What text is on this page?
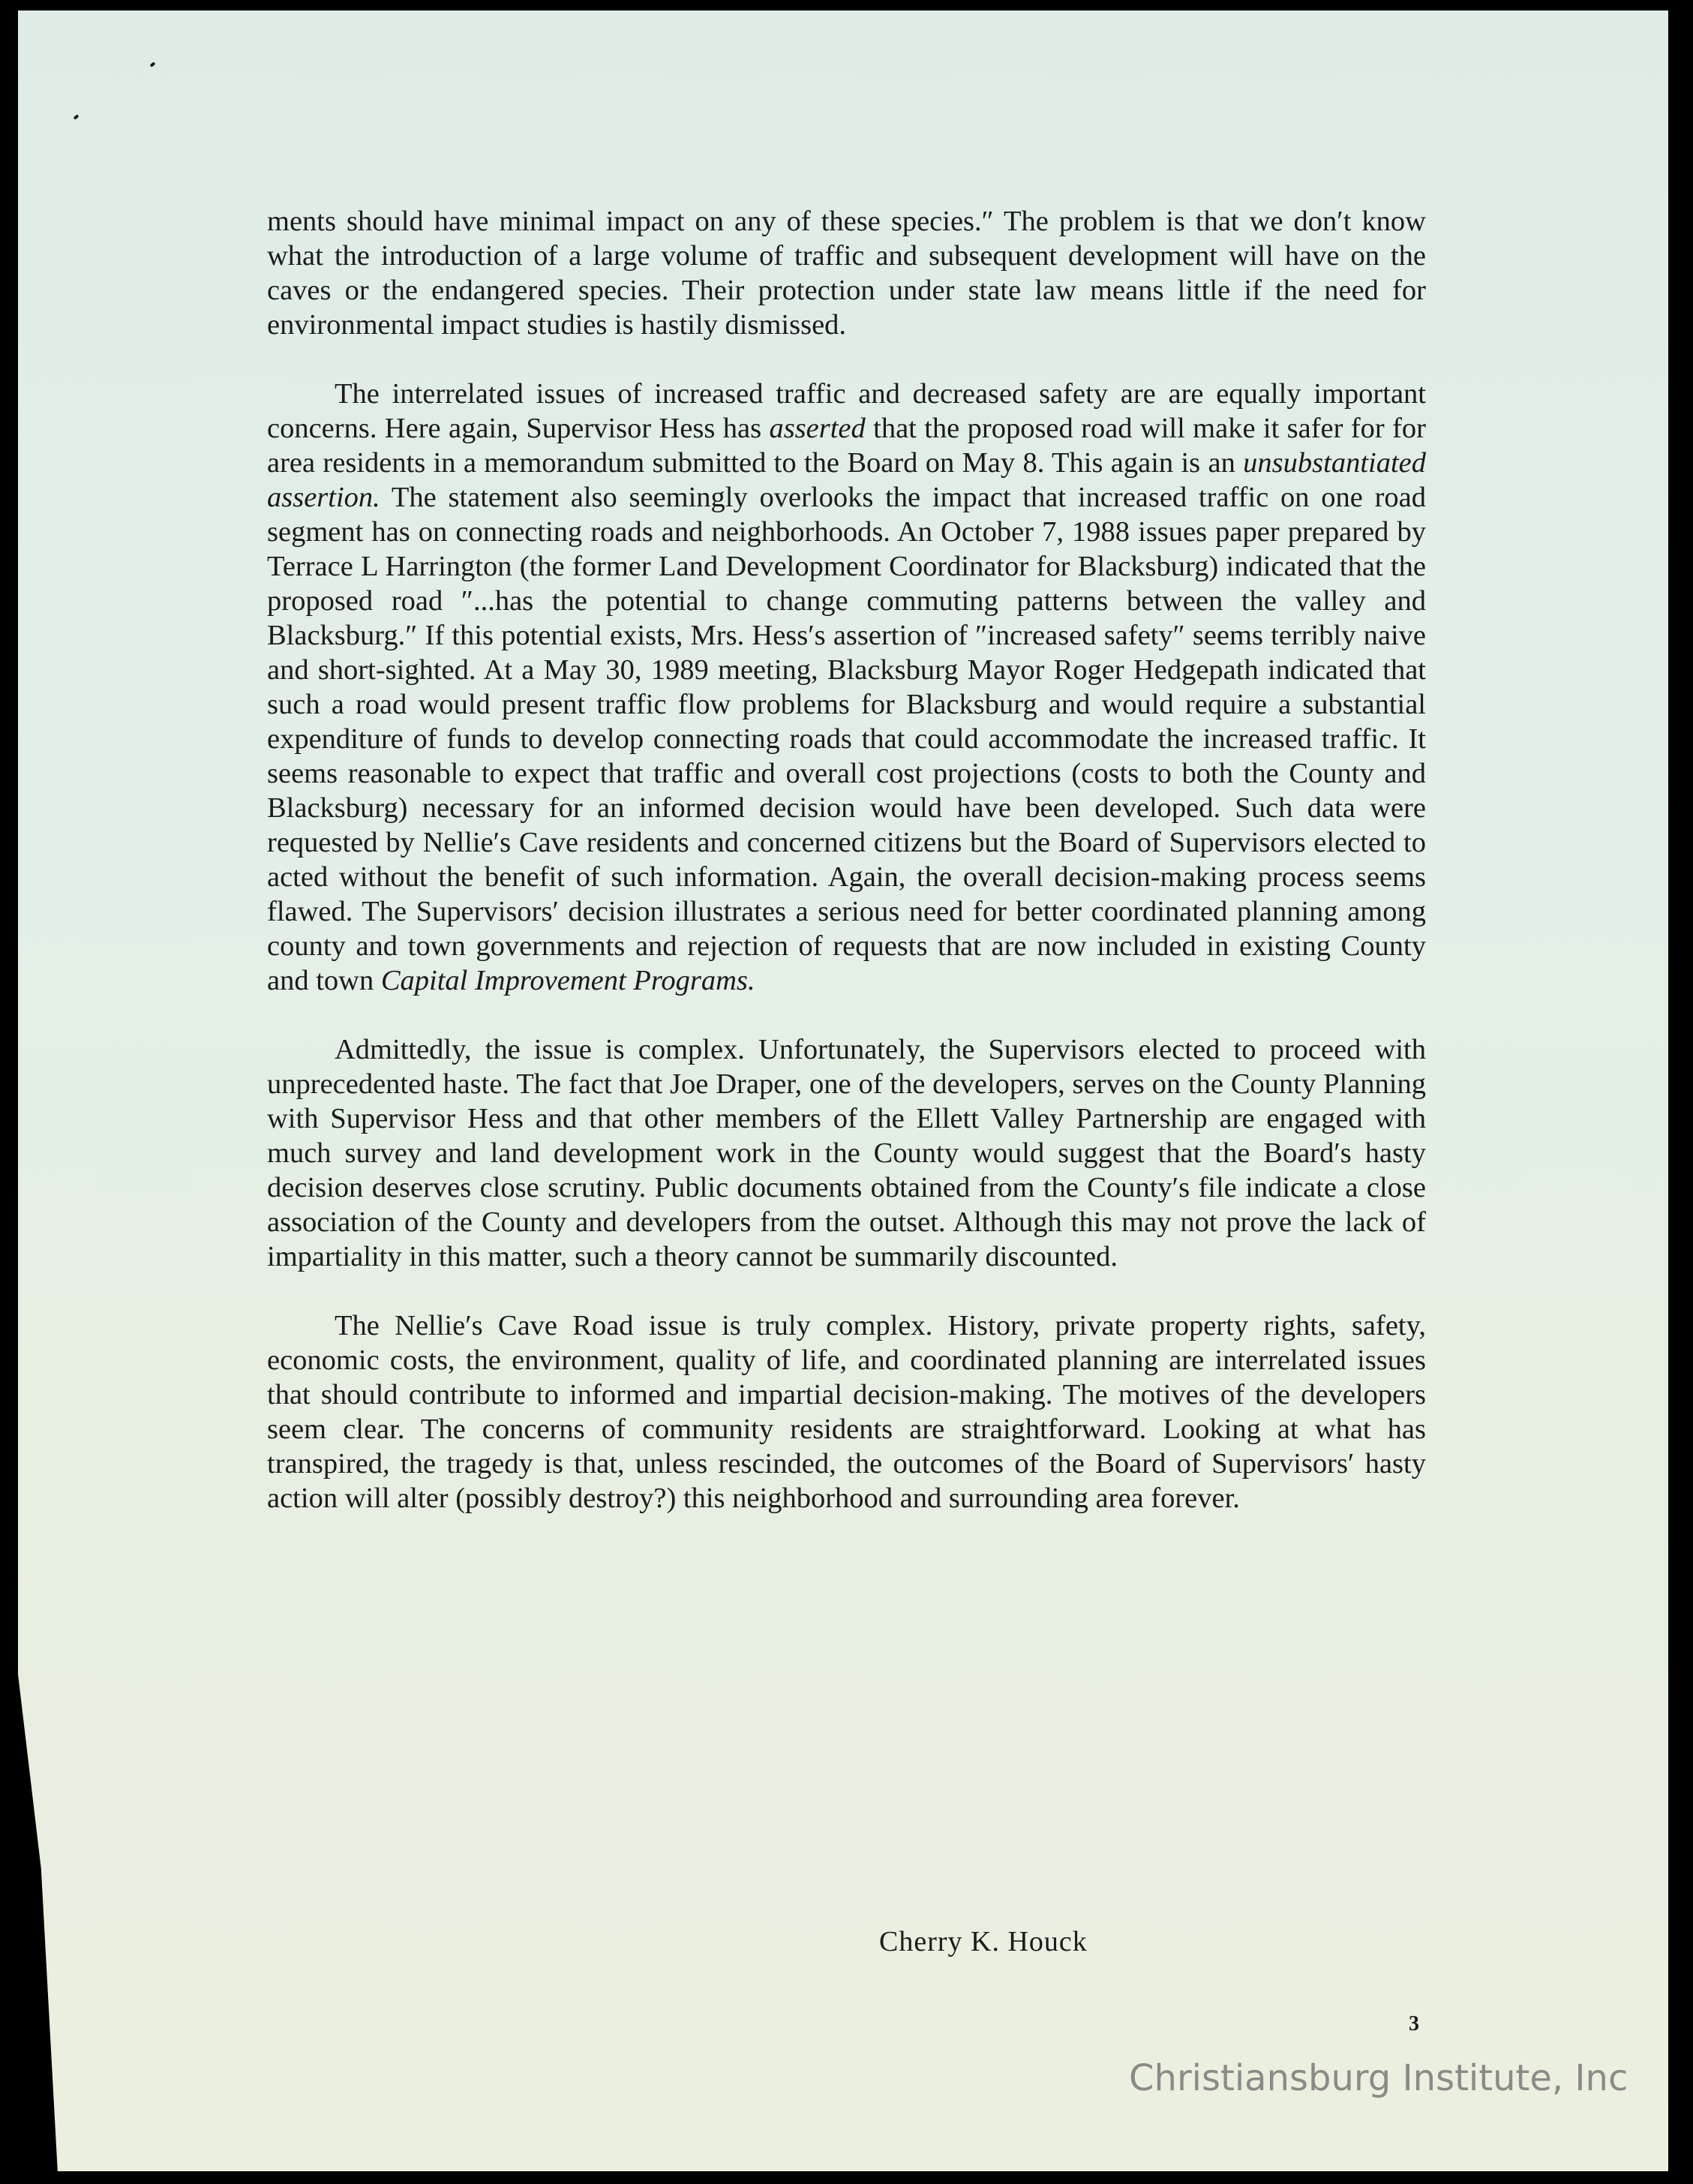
ments should have minimal impact on any of these species.″ The problem is that we don′t know what the introduction of a large volume of traffic and subsequent development will have on the caves or the endangered species. Their protection under state law means little if the need for environmental impact studies is hastily dismissed.

The interrelated issues of increased traffic and decreased safety are are equally important concerns. Here again, Supervisor Hess has asserted that the proposed road will make it safer for for area residents in a memorandum submitted to the Board on May 8. This again is an unsubstantiated assertion. The statement also seemingly overlooks the impact that increased traffic on one road segment has on connecting roads and neighborhoods. An October 7, 1988 issues paper prepared by Terrace L Harrington (the former Land Development Coordinator for Blacksburg) indicated that the proposed road ″...has the potential to change commuting patterns between the valley and Blacksburg.″ If this potential exists, Mrs. Hess′s assertion of ″increased safety″ seems terribly naive and short-sighted. At a May 30, 1989 meeting, Blacksburg Mayor Roger Hedgepath indicated that such a road would present traffic flow problems for Blacksburg and would require a substantial expenditure of funds to develop connecting roads that could accommodate the increased traffic. It seems reasonable to expect that traffic and overall cost projections (costs to both the County and Blacksburg) necessary for an informed decision would have been developed. Such data were requested by Nellie′s Cave residents and concerned citizens but the Board of Supervisors elected to acted without the benefit of such information. Again, the overall decision-making process seems flawed. The Supervisors′ decision illustrates a serious need for better coordinated planning among county and town governments and rejection of requests that are now included in existing County and town Capital Improvement Programs.

Admittedly, the issue is complex. Unfortunately, the Supervisors elected to proceed with unprecedented haste. The fact that Joe Draper, one of the developers, serves on the County Planning with Supervisor Hess and that other members of the Ellett Valley Partnership are engaged with much survey and land development work in the County would suggest that the Board′s hasty decision deserves close scrutiny. Public documents obtained from the County′s file indicate a close association of the County and developers from the outset. Although this may not prove the lack of impartiality in this matter, such a theory cannot be summarily discounted.

The Nellie′s Cave Road issue is truly complex. History, private property rights, safety, economic costs, the environment, quality of life, and coordinated planning are interrelated issues that should contribute to informed and impartial decision-making. The motives of the developers seem clear. The concerns of community residents are straightforward. Looking at what has transpired, the tragedy is that, unless rescinded, the outcomes of the Board of Supervisors′ hasty action will alter (possibly destroy?) this neighborhood and surrounding area forever.

Cherry K. Houck
3
Christiansburg Institute, Inc
